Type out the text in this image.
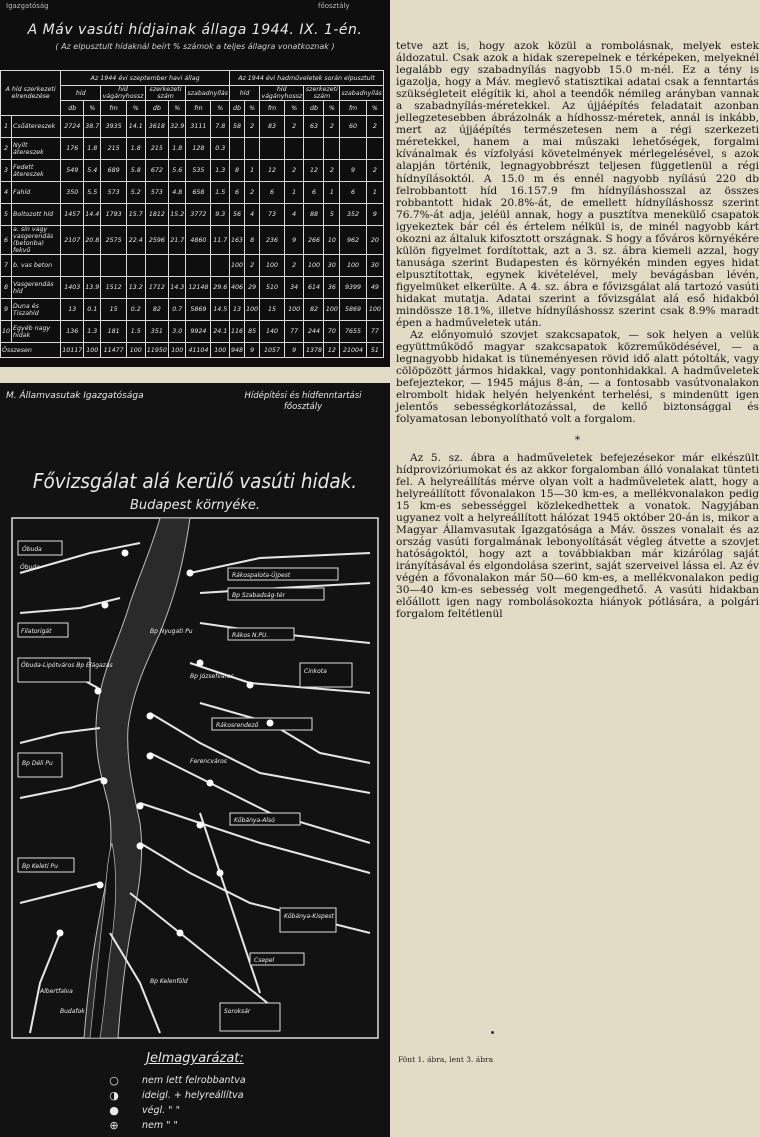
Igazgatóság	főosztály
A Máv vasúti hídjainak állaga 1944. IX. 1-én.
( Az elpusztult hídaknál beírt % számok a teljes állagra vonatkoznak )
A híd szerkezeti elrendezése		Az 1944 évi szeptember havi állag								Az 1944 évi hadműveletek során elpusztult							
		híd		híd vágányhossz		szerkezeti szám		szabadnyílás		híd		híd vágányhossz		szerkezeti szám		szabadnyílás	
		db	%	fm	%	db	%	fm	%	db	%	fm	%	db	%	fm	%
1	Csőátereszek	2724	38.7	3935	14.1	3618	32.9	3111	7.8	58	2	83	2	63	2	60	2
2	Nyílt átereszek	176	1.8	215	1.8	215	1.8	128	0.3								
3	Fedett átereszek	549	5.4	689	5.8	672	5.6	535	1.3	8	1	12	2	12	2	9	2
4	Fahíd	350	5.5	573	5.2	573	4.8	658	1.5	6	2	6	1	6	1	6	1
5	Boltozott híd	1457	14.4	1793	15.7	1812	15.2	3772	9.3	56	4	73	4	88	5	352	9
6	a. sín vagy vasgerendás (betonba) fekvő	2107	20.8	2575	22.4	2596	21.7	4860	11.7	163	8	236	9	266	10	962	20
7	b. vas beton									100	2	100	2	100	30	100	30
8	Vasgerendás híd	1403	13.9	1512	13.2	1712	14.3	12148	29.6	406	29	510	34	614	36	9399	49
9	Duna és Tiszahíd	13	0.1	15	0.2	82	0.7	5869	14.5	13	100	15	100	82	100	5869	100
10	Egyéb nagy hidak	136	1.3	181	1.5	351	3.0	9924	24.1	116	85	140	77	244	70	7655	77
Összesen		10117	100	11477	100	11950	100	41104	100	948	9	1057	9	1378	12	21004	51
M. Államvasutak Igazgatósága	Hídépítési és hídfenntartási főosztály
Fővizsgálat alá kerülő vasúti hidak.
Budapest környéke.
Óbuda
Óbuda
Filatorigát
Óbuda-Lipótváros Bp Elágazás
Rákospalota-Újpest
Bp Szabadság-tér
Bp Nyugati Pu
Bp Józsefváros
Rákos N.PU.
Bp Déli Pu
Bp Keleti Pu
Rákosrendező
Kőbánya-Alsó
Kőbánya-Kispest
Ferencváros
Bp Kelenföld
Csepel
Soroksár
Cinkota
Albertfalva
Budafok
Jelmagyarázat:
○ nem lett felrobbantva
◑ ideigl. + helyreállítva
● végl. " "
⊕ nem " "

tetve azt is, hogy azok közül a rombolásnak, melyek estek áldozatul. Csak azok a hidak szerepelnek e térképeken, melyeknél legalább egy szabadnyílás nagyobb 15.0 m-nél. Ez a tény is igazolja, hogy a Máv. meglevő statisztikai adatai csak a fenntartás szükségleteit elégítik ki, ahol a teendők némileg arányban vannak a szabadnyílás-méretekkel. Az újjáépítés feladatait azonban jellegzetesebben ábrázolnák a hídhossz-méretek, annál is inkább, mert az újjáépítés természetesen nem a régi szerkezeti méretekkel, hanem a mai műszaki lehetőségek, forgalmi kívánalmak és vízfolyási követelmények mérlegelésével, s azok alapján történik, legnagyobbrészt teljesen függetlenül a régi hídnyílásoktól. A 15.0 m és ennél nagyobb nyílású 220 db felrobbantott híd 16.157.9 fm hídnyíláshosszal az összes robbantott hidak 20.8%-át, de emellett hídnyíláshossz szerint 76.7%-át adja, jeléül annak, hogy a pusztítva menekülő csapatok igyekeztek bár cél és értelem nélkül is, de minél nagyobb kárt okozni az általuk kifosztott országnak. S hogy a főváros környékére külön figyelmet fordítottak, azt a 3. sz. ábra kiemeli azzal, hogy tanusága szerint Budapesten és környékén minden egyes hidat elpusztítottak, egynek kivételével, mely bevágásban lévén, figyelmüket elkerülte. A 4. sz. ábra e fővizsgálat alá tartozó vasúti hidakat mutatja. Adatai szerint a fővizsgálat alá eső hidakból mindössze 18.1%, illetve hídnyíláshossz szerint csak 8.9% maradt épen a hadműveletek után.

Az előnyomuló szovjet szakcsapatok, — sok helyen a velük együttműködő magyar szakcsapatok közreműködésével, — a legnagyobb hidakat is tüneményesen rövid idő alatt pótolták, vagy cölöpözött jármos hidakkal, vagy pontonhidakkal. A hadműveletek befejeztekor, — 1945 május 8-án, — a fontosabb vasútvonalakon elrombolt hidak helyén helyenként terhelési, s mindenütt igen jelentős sebességkorlátozással, de kellő biztonsággal és folyamatosan lebonyolítható volt a forgalom.

*

Az 5. sz. ábra a hadműveletek befejezésekor már elkészült hídprovizóriumokat és az akkor forgalomban álló vonalakat tünteti fel. A helyreállítás mérve olyan volt a hadműveletek alatt, hogy a helyreállított fővonalakon 15—30 km-es, a mellékvonalakon pedig 15 km-es sebességgel közlekedhettek a vonatok. Nagyjában ugyanez volt a helyreállított hálózat 1945 október 20-án is, mikor a Magyar Államvasutak Igazgatósága a Máv. összes vonalait és az ország vasúti forgalmának lebonyolítását végleg átvette a szovjet hatóságoktól, hogy azt a továbbiakban már kizárólag saját irányításával és elgondolása szerint, saját szerveivel lássa el. Az év végén a fővonalakon már 50—60 km-es, a mellékvonalakon pedig 30—40 km-es sebesség volt megengedhető. A vasúti hidakban előállott igen nagy rombolásokozta hiányok pótlására, a polgári forgalom feltétlenül

Fönt 1. ábra, lent 3. ábra
